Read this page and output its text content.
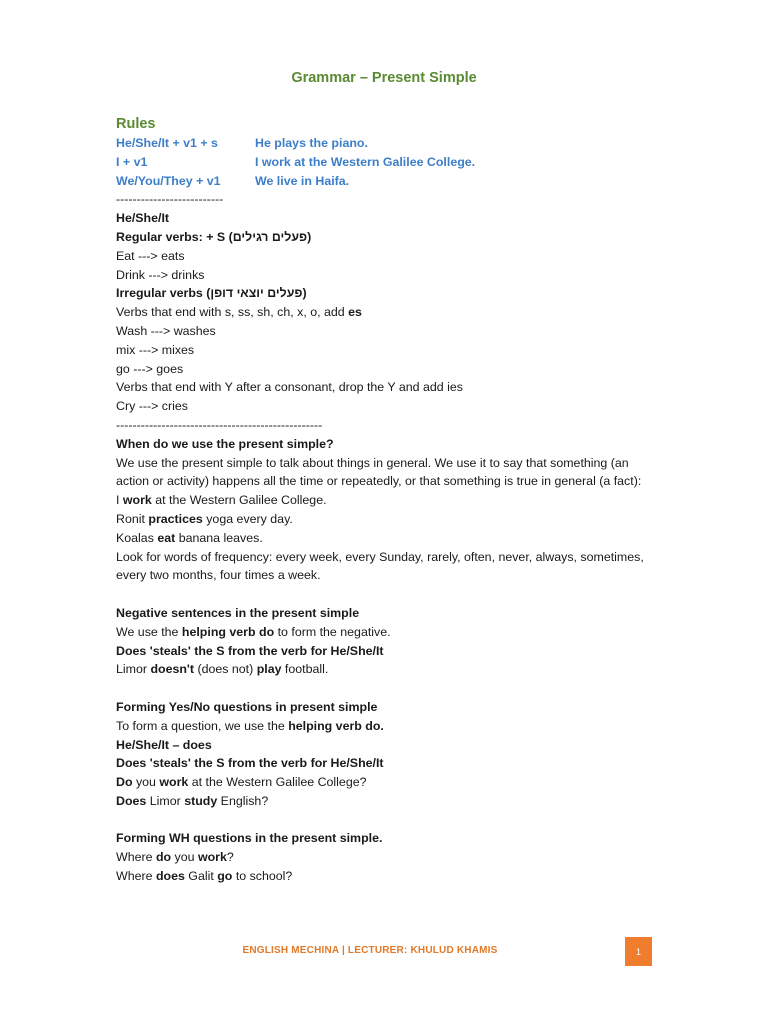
Grammar – Present Simple
Rules
He/She/It + v1 + s	He plays the piano.
I + v1	I work at the Western Galilee College.
We/You/They + v1	We live in Haifa.
--------------------------
He/She/It
Regular verbs: + S (פעלים רגילים)
Eat ---> eats
Drink ---> drinks
Irregular verbs (פעלים יוצאי דופן)
Verbs that end with s, ss, sh, ch, x, o, add es
Wash ---> washes
mix ---> mixes
go ---> goes
Verbs that end with Y after a consonant, drop the Y and add ies
Cry ---> cries
--------------------------------------------------
When do we use the present simple?
We use the present simple to talk about things in general. We use it to say that something (an action or activity) happens all the time or repeatedly, or that something is true in general (a fact):
I work at the Western Galilee College.
Ronit practices yoga every day.
Koalas eat banana leaves.
Look for words of frequency: every week, every Sunday, rarely, often, never, always, sometimes, every two months, four times a week.
Negative sentences in the present simple
We use the helping verb do to form the negative.
Does 'steals' the S from the verb for He/She/It
Limor doesn't (does not) play football.
Forming Yes/No questions in present simple
To form a question, we use the helping verb do.
He/She/It – does
Does 'steals' the S from the verb for He/She/It
Do you work at the Western Galilee College?
Does Limor study English?
Forming WH questions in the present simple.
Where do you work?
Where does Galit go to school?
ENGLISH MECHINA | LECTURER: KHULUD KHAMIS	1
